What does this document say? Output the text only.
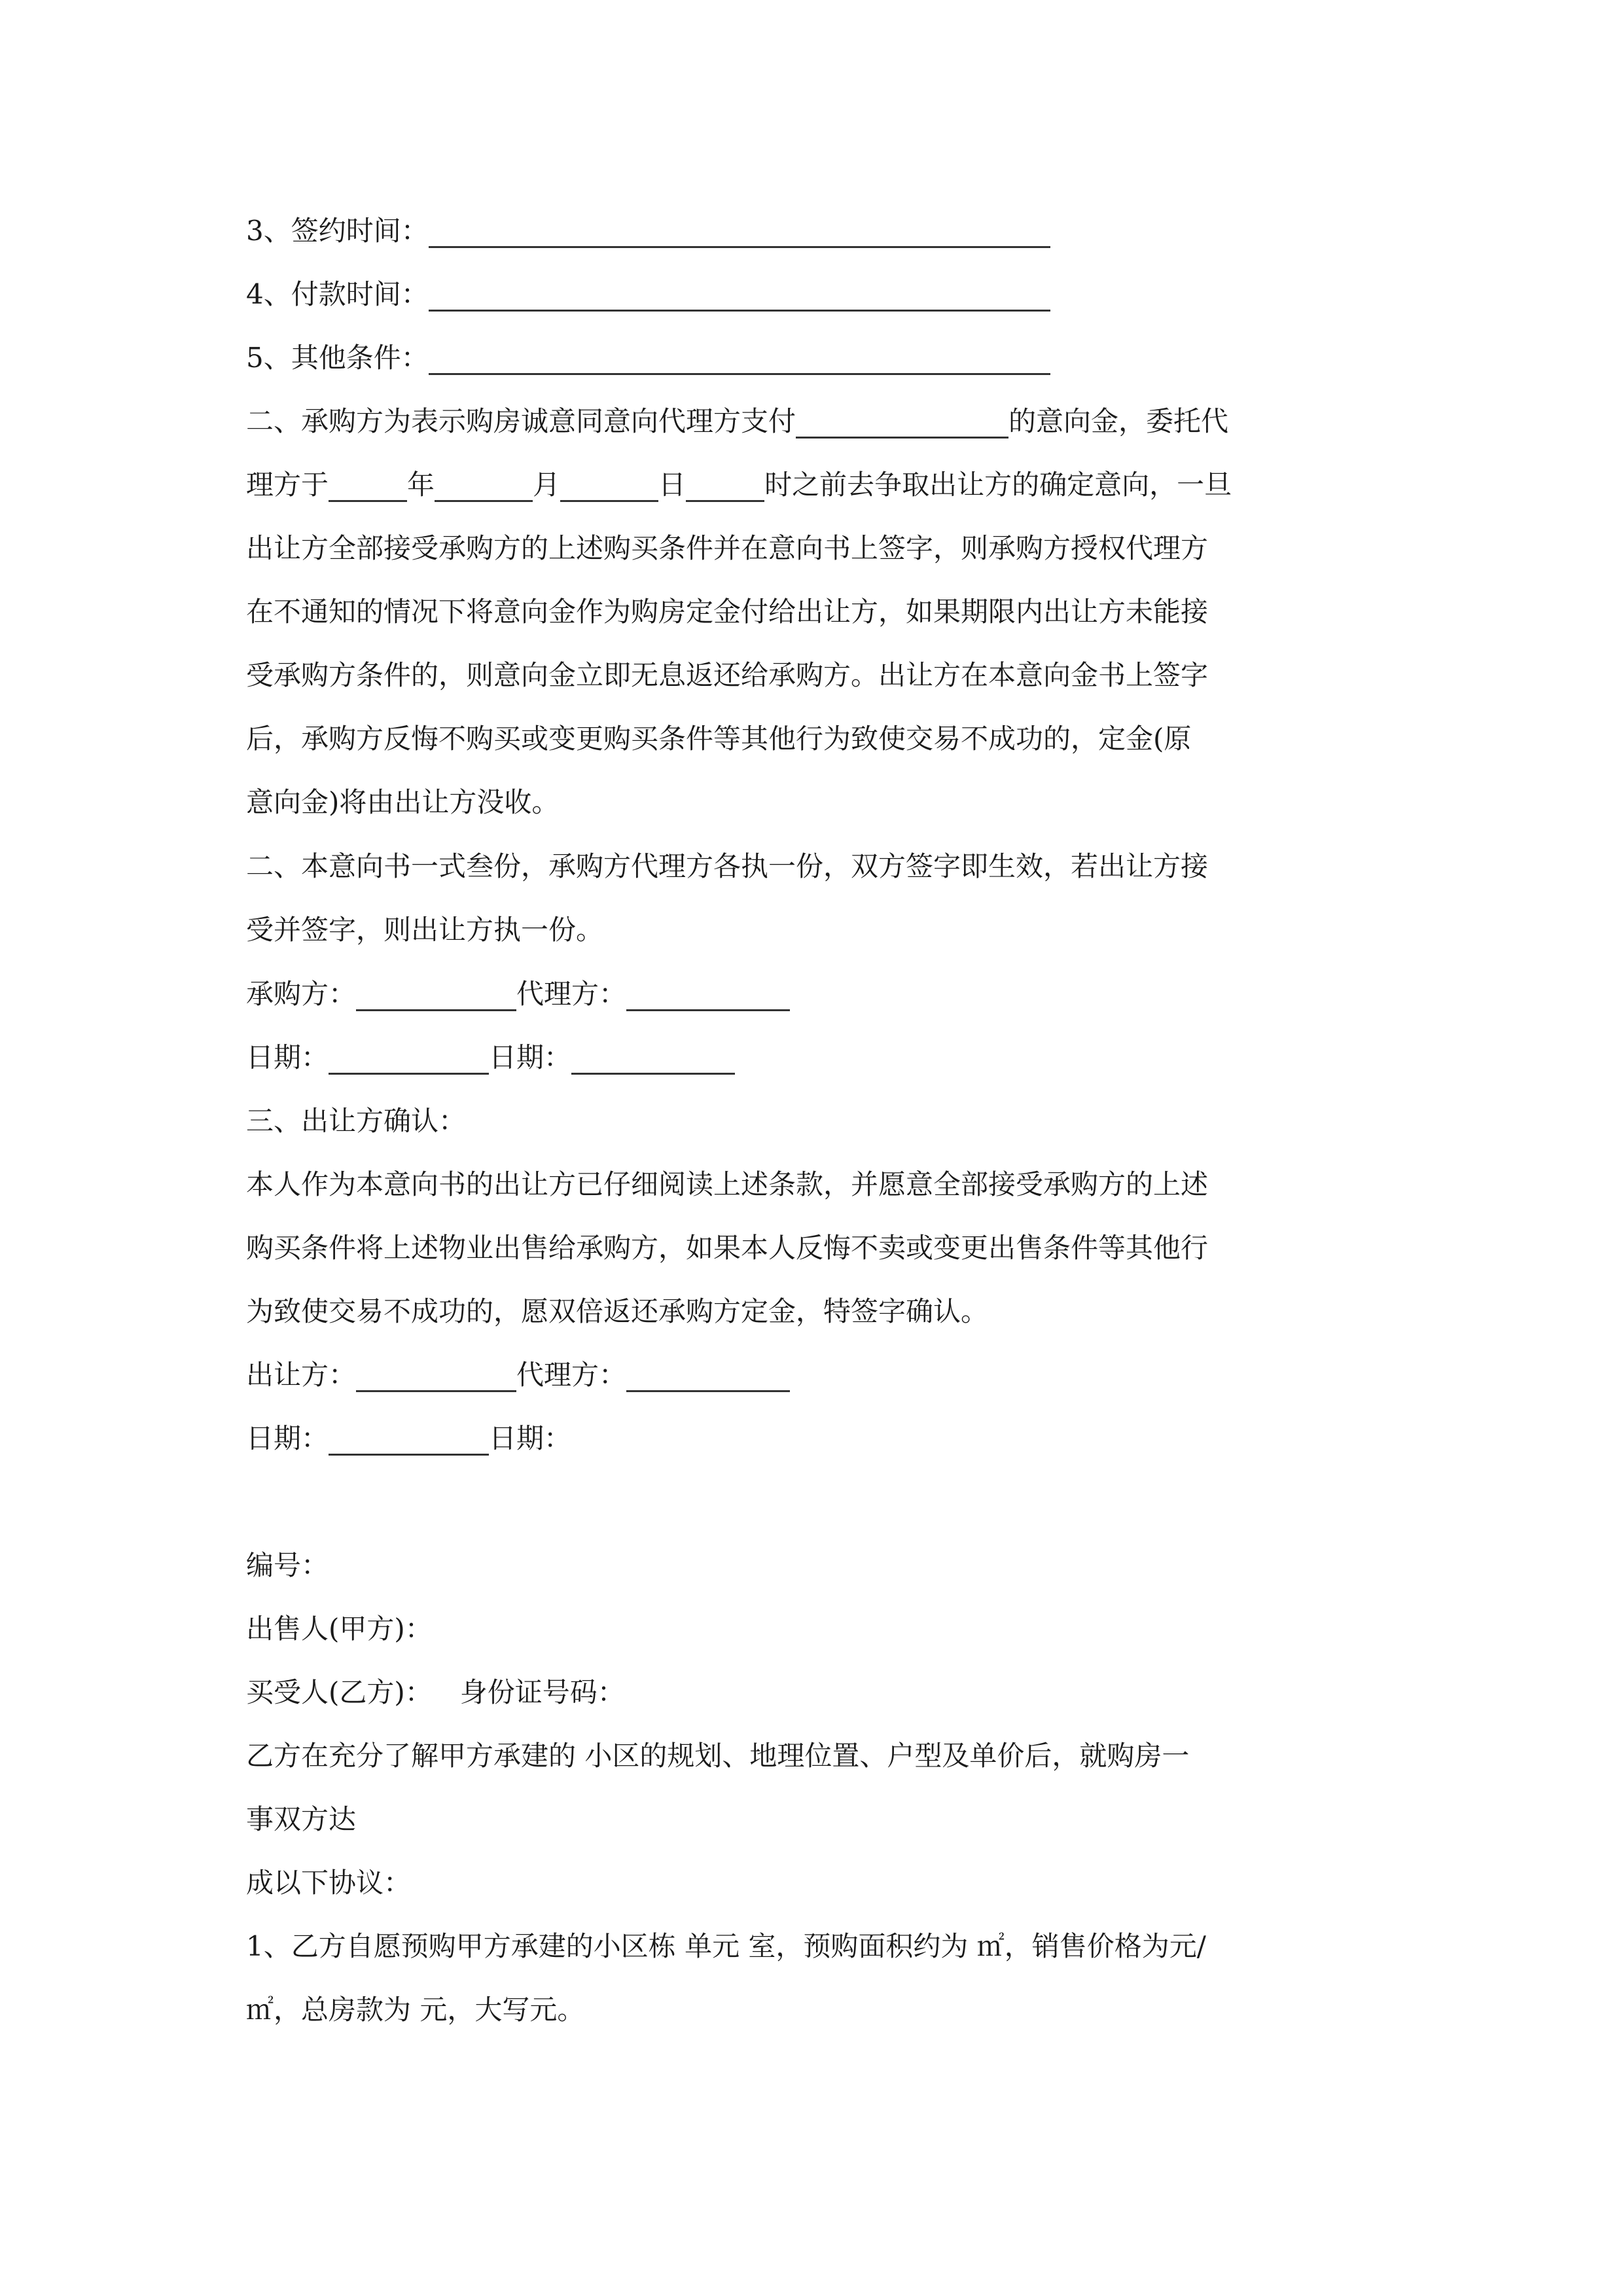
3、签约时间：
4、付款时间：
5、其他条件：
二、承购方为表示购房诚意同意向代理方支付	的意向金，委托代
理方于	年	月	日	时之前去争取出让方的确定意向，一旦
出让方全部接受承购方的上述购买条件并在意向书上签字，则承购方授权代理方
在不通知的情况下将意向金作为购房定金付给出让方，如果期限内出让方未能接
受承购方条件的，则意向金立即无息返还给承购方。出让方在本意向金书上签字
后，承购方反悔不购买或变更购买条件等其他行为致使交易不成功的，定金(原
意向金)将由出让方没收。
二、本意向书一式叁份，承购方代理方各执一份，双方签字即生效，若出让方接
受并签字，则出让方执一份。
承购方：	代理方：
日期：	日期：
三、出让方确认：
本人作为本意向书的出让方已仔细阅读上述条款，并愿意全部接受承购方的上述
购买条件将上述物业出售给承购方，如果本人反悔不卖或变更出售条件等其他行
为致使交易不成功的，愿双倍返还承购方定金，特签字确认。
出让方：	代理方：
日期：	日期：
编号：
出售人(甲方)：
买受人(乙方)： 身份证号码：
乙方在充分了解甲方承建的 小区的规划、地理位置、户型及单价后，就购房一
事双方达
成以下协议：
1、乙方自愿预购甲方承建的小区栋 单元 室，预购面积约为 ㎡，销售价格为元/
㎡，总房款为 元，大写元。
